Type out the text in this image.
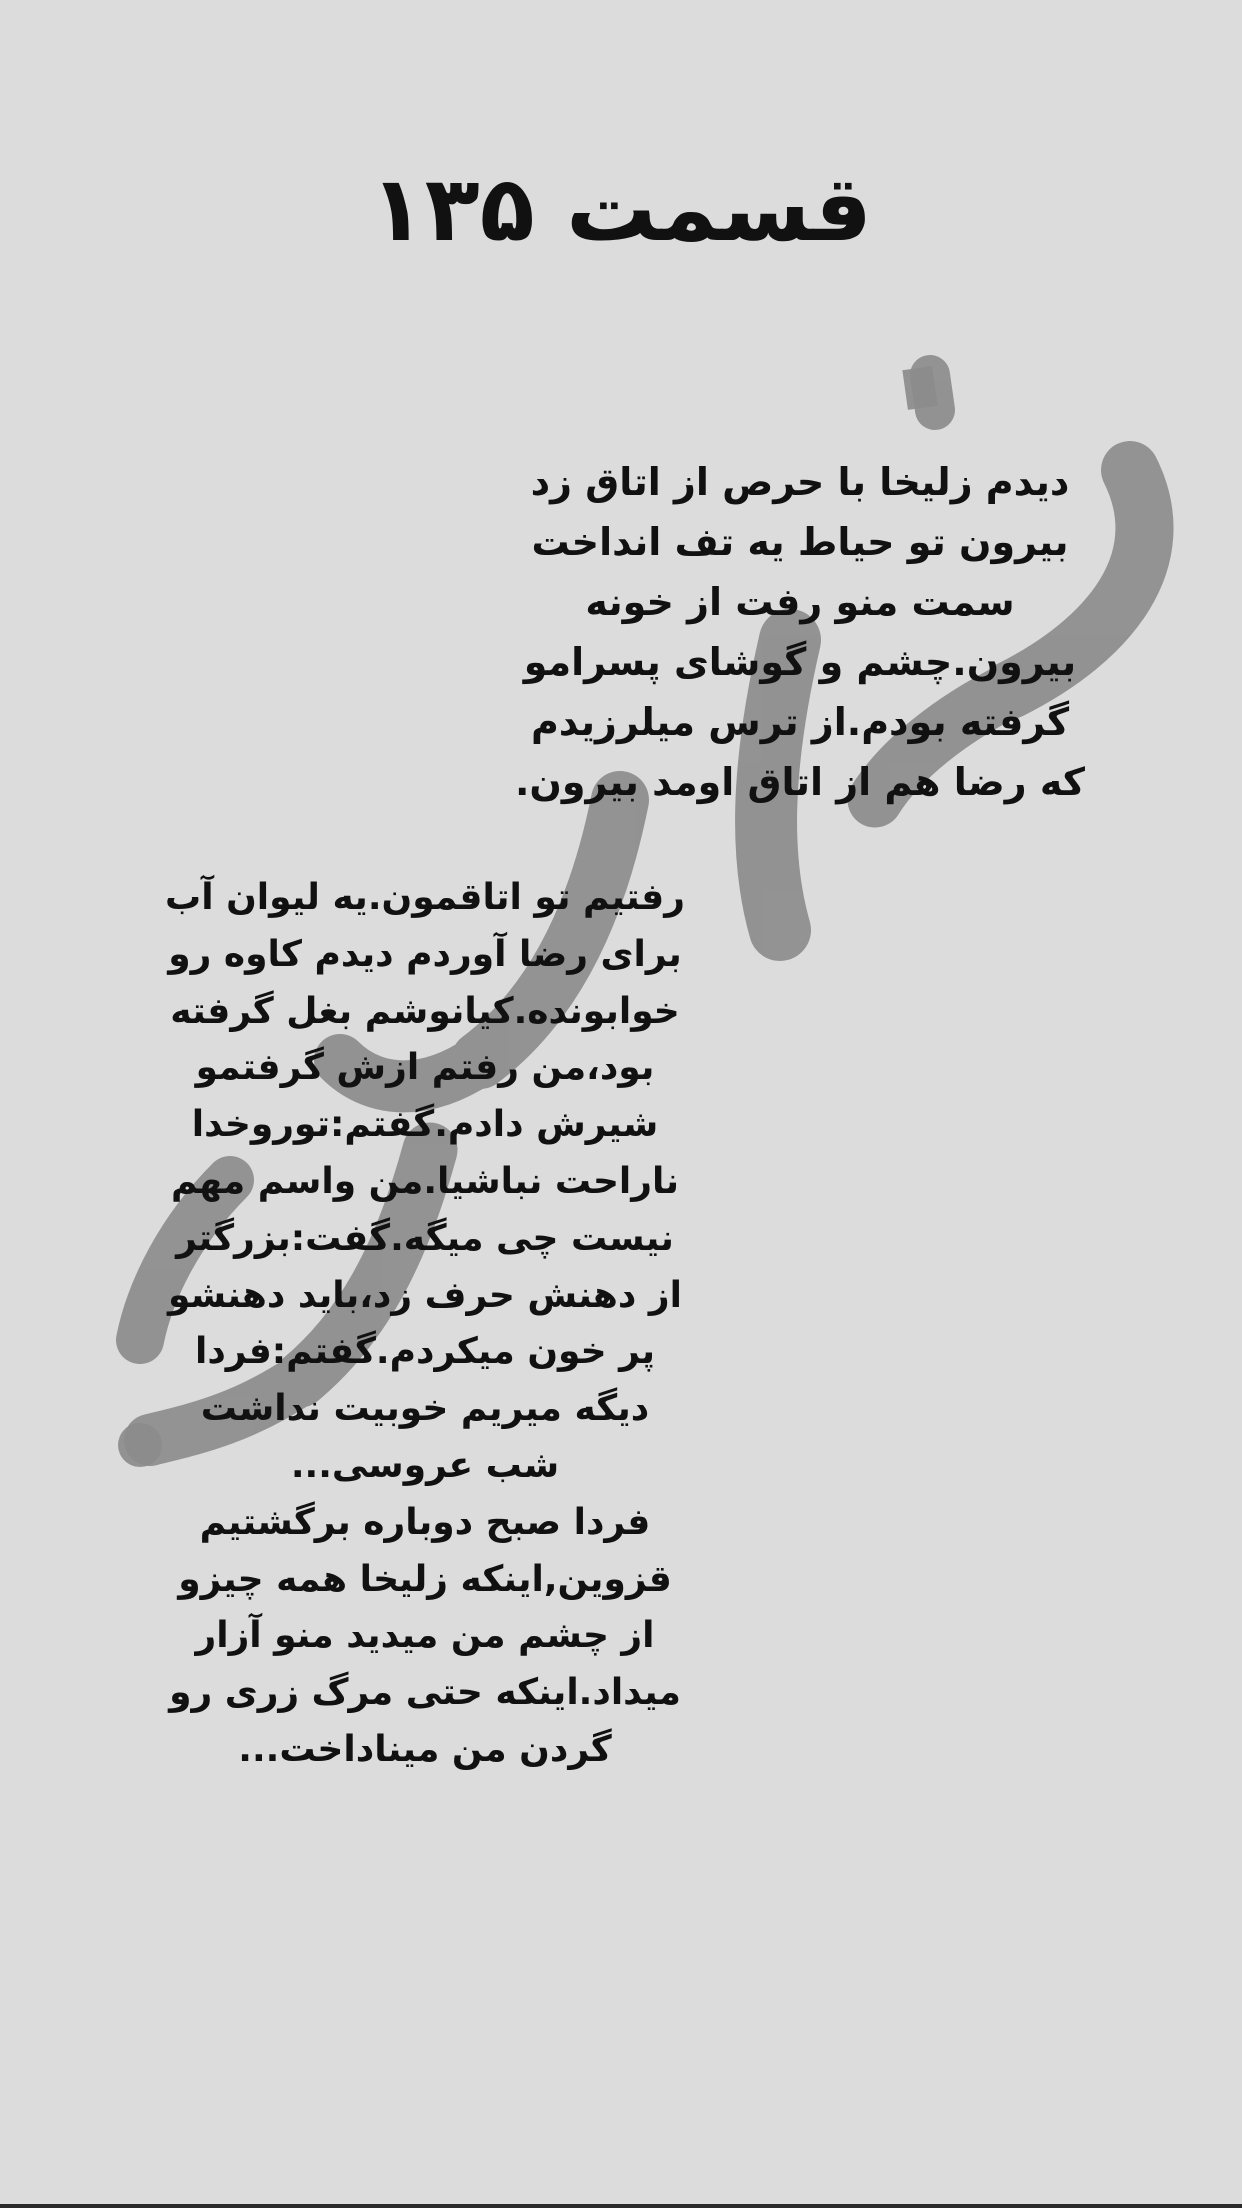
قسمت ۱۳۵
دیدم زلیخا با حرص از اتاق زد
بیرون تو حیاط یه تف انداخت
سمت منو رفت از خونه
بیرون.چشم و گوشای پسرامو
گرفته بودم.از ترس میلرزیدم
که رضا هم از اتاق اومد بیرون.
رفتیم تو اتاقمون.یه لیوان آب
برای رضا آوردم دیدم کاوه رو
خوابونده.کیانوشم بغل گرفته
بود،من رفتم ازش گرفتمو
شیرش دادم.گفتم:توروخدا
ناراحت نباشیا.من واسم مهم
نیست چی میگه.گفت:بزرگتر
از دهنش حرف زد،باید دهنشو
پر خون میکردم.گفتم:فردا
دیگه میریم خوبیت نداشت
شب عروسی...
فردا صبح دوباره برگشتیم
قزوین,اینکه زلیخا همه چیزو
از چشم من میدید منو آزار
میداد.اینکه حتی مرگ زری رو
گردن من میناداخت...
